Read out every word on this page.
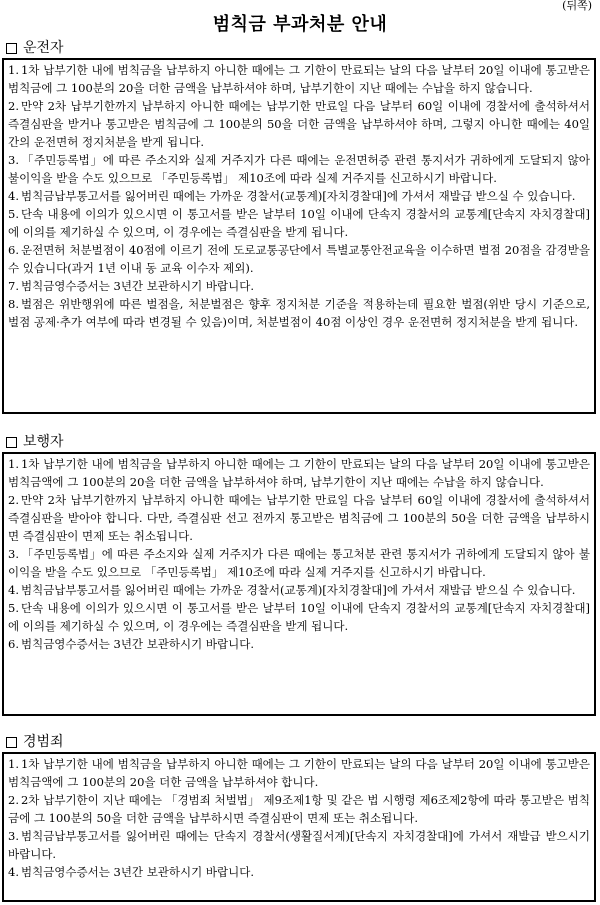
(뒤쪽)
범칙금 부과처분 안내
운전자

1. 1차 납부기한 내에 범칙금을 납부하지 아니한 때에는 그 기한이 만료되는 날의 다음 날부터 20일 이내에 통고받은 범칙금에 그 100분의 20을 더한 금액을 납부하셔야 하며, 납부기한이 지난 때에는 수납을 하지 않습니다.

2. 만약 2차 납부기한까지 납부하지 아니한 때에는 납부기한 만료일 다음 날부터 60일 이내에 경찰서에 출석하셔서 즉결심판을 받거나 통고받은 범칙금에 그 100분의 50을 더한 금액을 납부하셔야 하며, 그렇지 아니한 때에는 40일간의 운전면허 정지처분을 받게 됩니다.

3. 「주민등록법」에 따른 주소지와 실제 거주지가 다른 때에는 운전면허증 관련 통지서가 귀하에게 도달되지 않아 불이익을 받을 수도 있으므로 「주민등록법」 제10조에 따라 실제 거주지를 신고하시기 바랍니다.

4. 범칙금납부통고서를 잃어버린 때에는 가까운 경찰서(교통계)[자치경찰대]에 가셔서 재발급 받으실 수 있습니다.

5. 단속 내용에 이의가 있으시면 이 통고서를 받은 날부터 10일 이내에 단속지 경찰서의 교통계[단속지 자치경찰대]에 이의를 제기하실 수 있으며, 이 경우에는 즉결심판을 받게 됩니다.

6. 운전면허 처분벌점이 40점에 이르기 전에 도로교통공단에서 특별교통안전교육을 이수하면 벌점 20점을 감경받을 수 있습니다(과거 1년 이내 동 교육 이수자 제외).

7. 범칙금영수증서는 3년간 보관하시기 바랍니다.

8. 벌점은 위반행위에 따른 벌점을, 처분벌점은 향후 정지처분 기준을 적용하는데 필요한 벌점(위반 당시 기준으로, 벌점 공제·추가 여부에 따라 변경될 수 있음)이며, 처분벌점이 40점 이상인 경우 운전면허 정지처분을 받게 됩니다.

보행자

1. 1차 납부기한 내에 범칙금을 납부하지 아니한 때에는 그 기한이 만료되는 날의 다음 날부터 20일 이내에 통고받은 범칙금액에 그 100분의 20을 더한 금액을 납부하셔야 하며, 납부기한이 지난 때에는 수납을 하지 않습니다.

2. 만약 2차 납부기한까지 납부하지 아니한 때에는 납부기한 만료일 다음 날부터 60일 이내에 경찰서에 출석하셔서 즉결심판을 받아야 합니다. 다만, 즉결심판 선고 전까지 통고받은 범칙금에 그 100분의 50을 더한 금액을 납부하시면 즉결심판이 면제 또는 취소됩니다.

3. 「주민등록법」에 따른 주소지와 실제 거주지가 다른 때에는 통고처분 관련 통지서가 귀하에게 도달되지 않아 불이익을 받을 수도 있으므로 「주민등록법」 제10조에 따라 실제 거주지를 신고하시기 바랍니다.

4. 범칙금납부통고서를 잃어버린 때에는 가까운 경찰서(교통계)[자치경찰대]에 가셔서 재발급 받으실 수 있습니다.

5. 단속 내용에 이의가 있으시면 이 통고서를 받은 날부터 10일 이내에 단속지 경찰서의 교통계[단속지 자치경찰대]에 이의를 제기하실 수 있으며, 이 경우에는 즉결심판을 받게 됩니다.

6. 범칙금영수증서는 3년간 보관하시기 바랍니다.

경범죄

1. 1차 납부기한 내에 범칙금을 납부하지 아니한 때에는 그 기한이 만료되는 날의 다음 날부터 20일 이내에 통고받은 범칙금액에 그 100분의 20을 더한 금액을 납부하셔야 합니다.

2. 2차 납부기한이 지난 때에는 「경범죄 처벌법」 제9조제1항 및 같은 법 시행령 제6조제2항에 따라 통고받은 범칙금에 그 100분의 50을 더한 금액을 납부하시면 즉결심판이 면제 또는 취소됩니다.

3. 범칙금납부통고서를 잃어버린 때에는 단속지 경찰서(생활질서계)[단속지 자치경찰대]에 가셔서 재발급 받으시기 바랍니다.

4. 범칙금영수증서는 3년간 보관하시기 바랍니다.
